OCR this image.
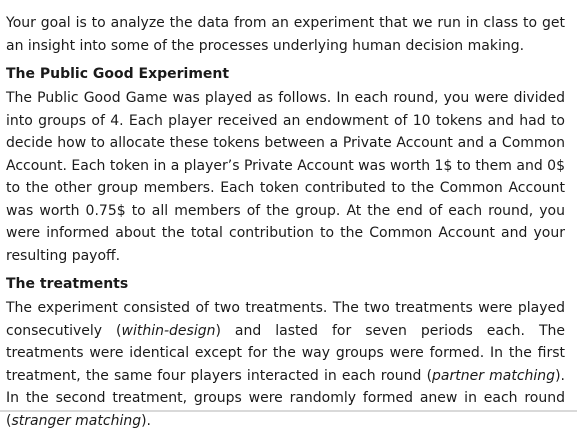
Your goal is to analyze the data from an experiment that we run in class to get an insight into some of the processes underlying human decision making.

The Public Good Experiment

The Public Good Game was played as follows. In each round, you were divided into groups of 4. Each player received an endowment of 10 tokens and had to decide how to allocate these tokens between a Private Account and a Common Account. Each token in a player’s Private Account was worth 1$ to them and 0$ to the other group members. Each token contributed to the Common Account was worth 0.75$ to all members of the group. At the end of each round, you were informed about the total contribution to the Common Account and your resulting payoff.

The treatments

The experiment consisted of two treatments. The two treatments were played consecutively (within-design) and lasted for seven periods each. The treatments were identical except for the way groups were formed. In the first treatment, the same four players interacted in each round (partner matching). In the second treatment, groups were randomly formed anew in each round (stranger matching).
